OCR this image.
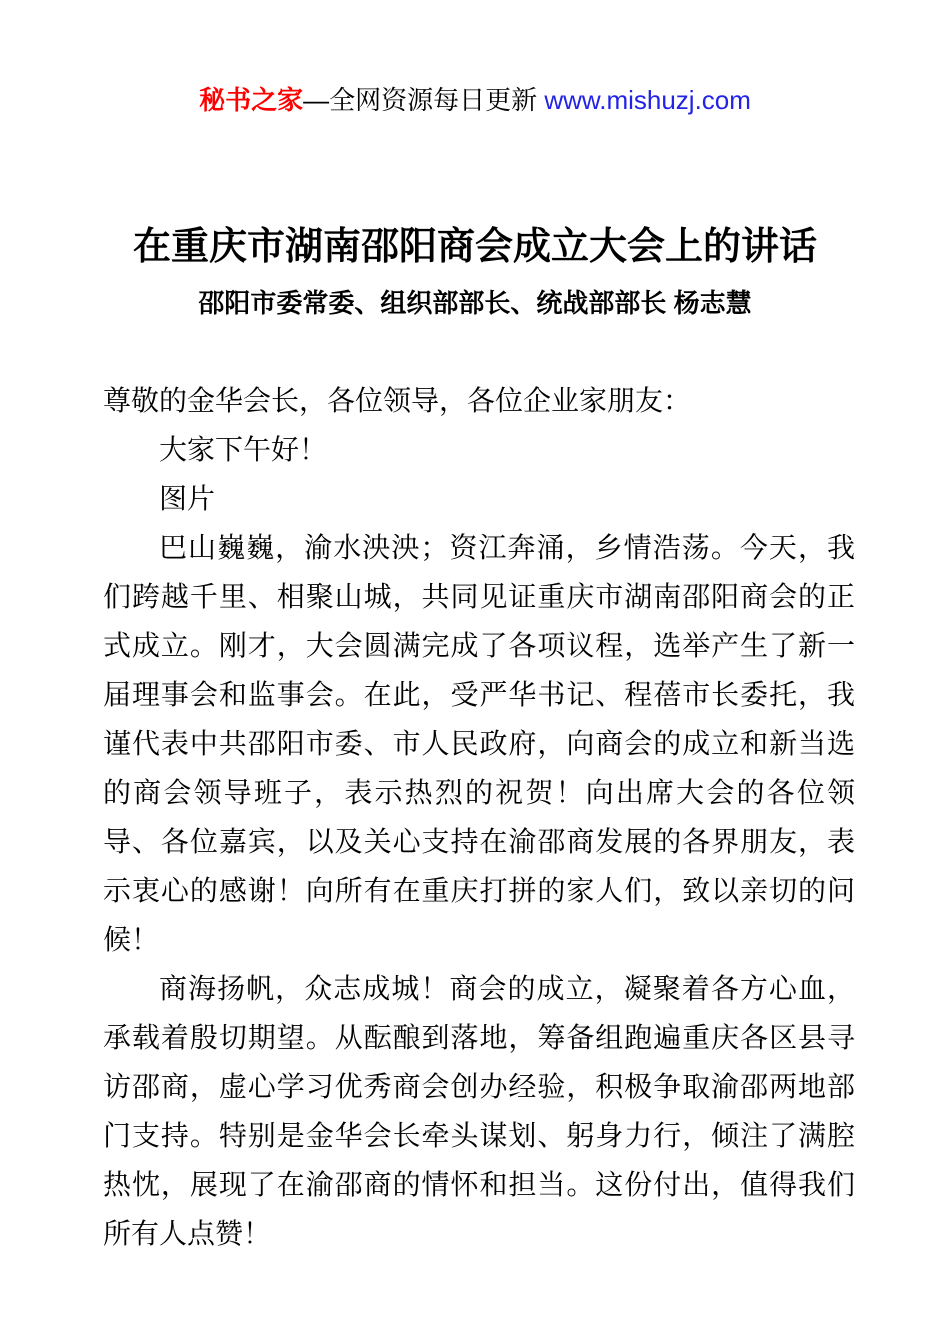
秘书之家—全网资源每日更新 www.mishuzj.com
在重庆市湖南邵阳商会成立大会上的讲话
邵阳市委常委、组织部部长、统战部部长 杨志慧

尊敬的金华会长，各位领导，各位企业家朋友：

大家下午好！

图片

巴山巍巍，渝水泱泱；资江奔涌，乡情浩荡。今天，我们跨越千里、相聚山城，共同见证重庆市湖南邵阳商会的正式成立。刚才，大会圆满完成了各项议程，选举产生了新一届理事会和监事会。在此，受严华书记、程蓓市长委托，我谨代表中共邵阳市委、市人民政府，向商会的成立和新当选的商会领导班子，表示热烈的祝贺！向出席大会的各位领导、各位嘉宾，以及关心支持在渝邵商发展的各界朋友，表示衷心的感谢！向所有在重庆打拼的家人们，致以亲切的问候！

商海扬帆，众志成城！商会的成立，凝聚着各方心血，承载着殷切期望。从酝酿到落地，筹备组跑遍重庆各区县寻访邵商，虚心学习优秀商会创办经验，积极争取渝邵两地部门支持。特别是金华会长牵头谋划、躬身力行，倾注了满腔热忱，展现了在渝邵商的情怀和担当。这份付出，值得我们所有人点赞！
